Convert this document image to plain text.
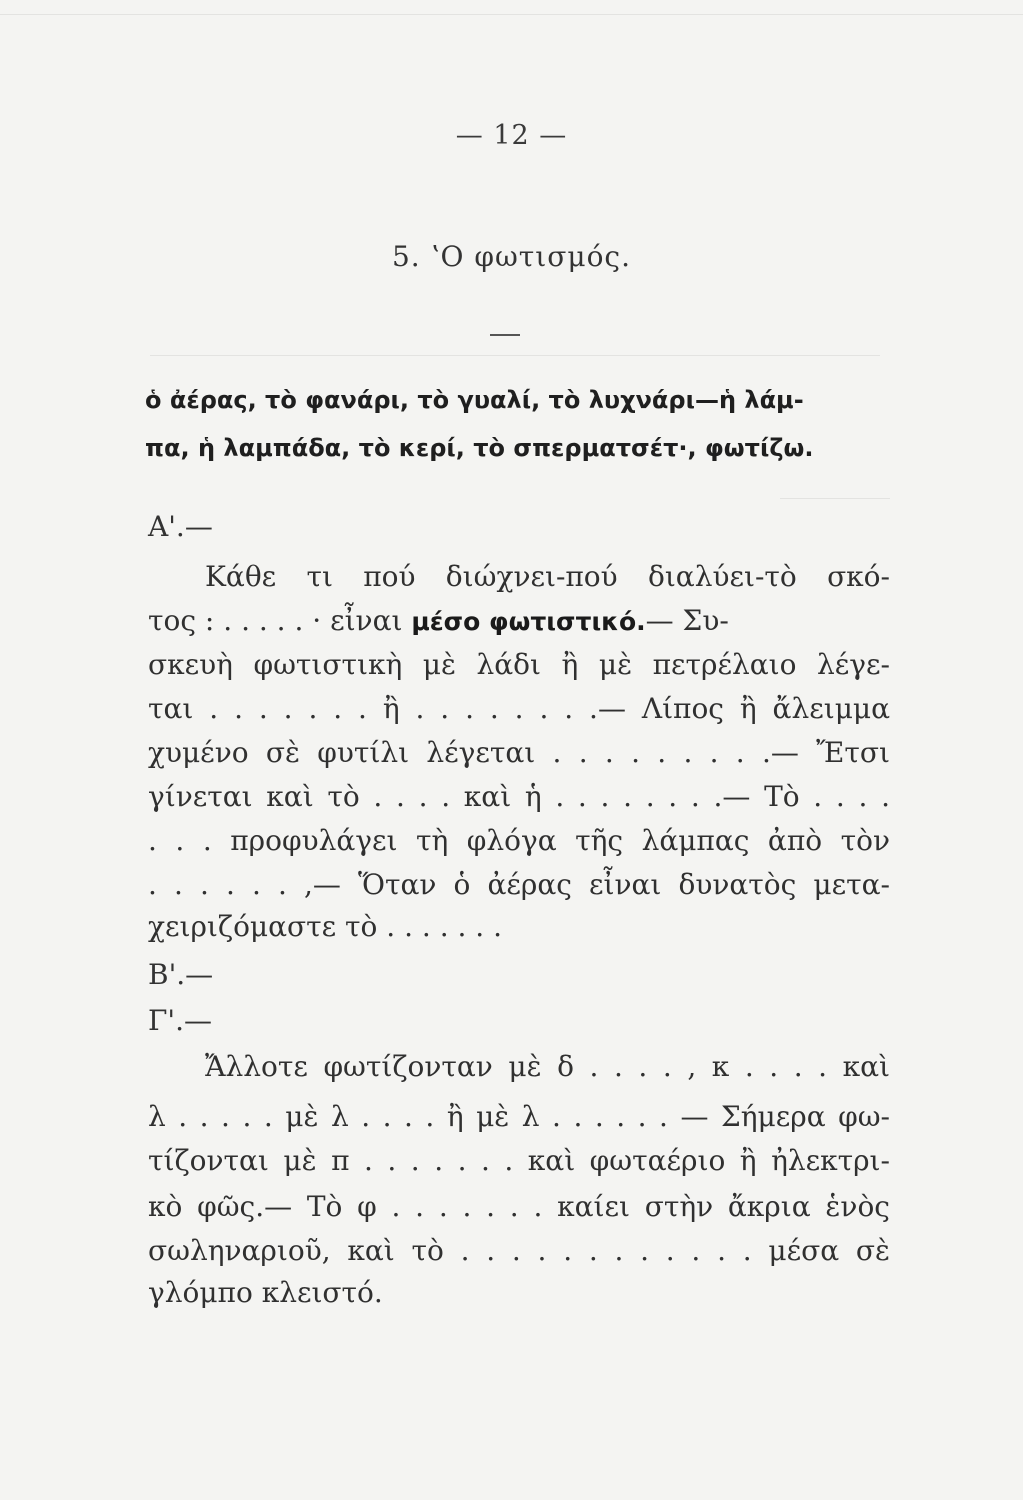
— 12 —
5. ʽΟ φωτισμός.
ὁ ἀέρας, τὸ φανάρι, τὸ γυαλί, τὸ λυχνάρι—ἡ λάμ-
πα, ἡ λαμπάδα, τὸ κερί, τὸ σπερματσέτ·, φωτίζω.
Α'.—
Κάθε τι πού διώχνει-πού διαλύει-τὸ σκό-
τος : . . . . . · εἶναι μέσο φωτιστικό.— Συ-
σκευὴ φωτιστικὴ μὲ λάδι ἢ μὲ πετρέλαιο λέγε-
ται . . . . . . . ἢ . . . . . . . .— Λίπος ἢ ἄλειμμα
χυμένο σὲ φυτίλι λέγεται . . . . . . . . .— Ἔτσι
γίνεται καὶ τὸ . . . . καὶ ἡ . . . . . . . .— Τὸ . . . .
. . . προφυλάγει τὴ φλόγα τῆς λάμπας ἀπὸ τὸν
. . . . . . ,— Ὅταν ὁ ἀέρας εἶναι δυνατὸς μετα-
χειριζόμαστε τὸ . . . . . . .
Β'.—
Γ'.—
Ἄλλοτε φωτίζονταν μὲ δ . . . . , κ . . . . καὶ
λ . . . . . μὲ λ . . . . ἢ μὲ λ . . . . . . — Σήμερα φω-
τίζονται μὲ π . . . . . . . καὶ φωταέριο ἢ ἠλεκτρι-
κὸ φῶς.— Τὸ φ . . . . . . . καίει στὴν ἄκρια ἑνὸς
σωληναριοῦ, καὶ τὸ . . . . . . . . . . . . μέσα σὲ
γλόμπο κλειστό.
